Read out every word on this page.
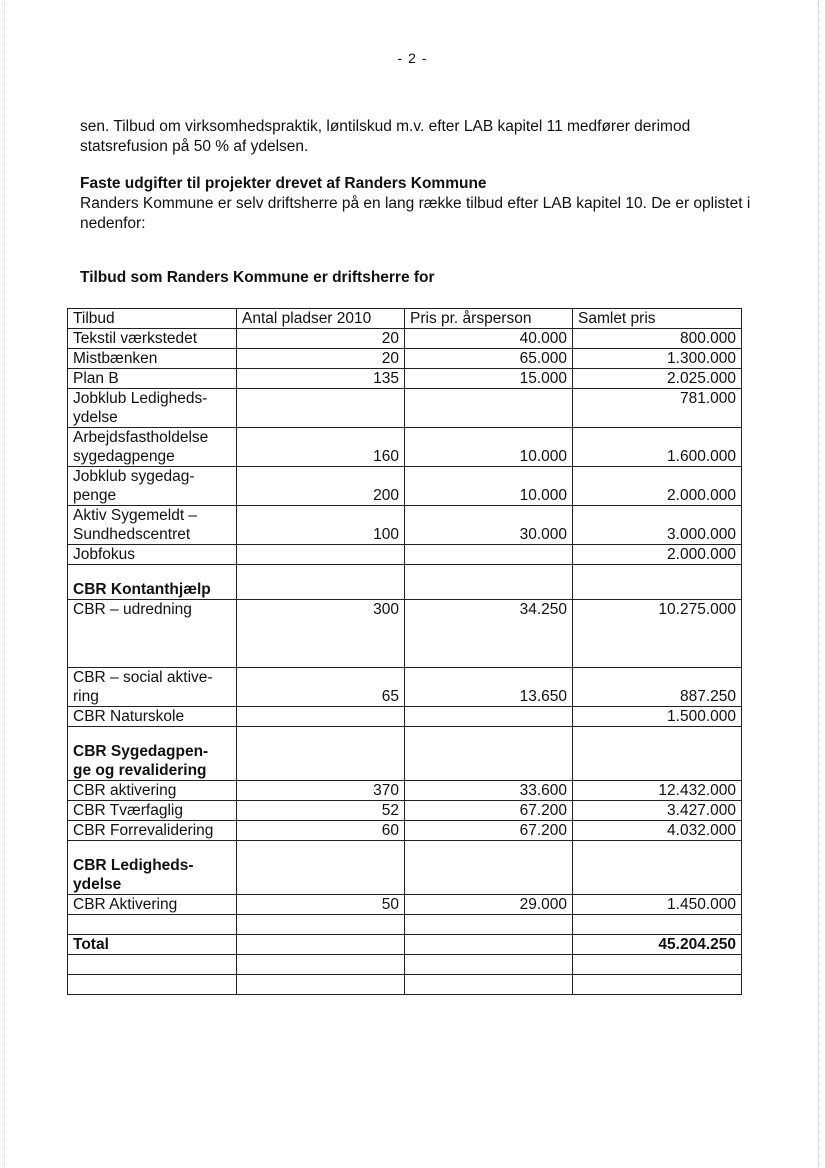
- 2 -
sen. Tilbud om virksomhedspraktik, løntilskud m.v. efter LAB kapitel 11 medfører derimod statsrefusion på 50 % af ydelsen.
Faste udgifter til projekter drevet af Randers Kommune
Randers Kommune er selv driftsherre på en lang række tilbud efter LAB kapitel 10. De er oplistet i nedenfor:
Tilbud som Randers Kommune er driftsherre for
Tilbud	Antal pladser 2010	Pris pr. årsperson	Samlet pris
Tekstil værkstedet	20	40.000	800.000
Mistbænken	20	65.000	1.300.000
Plan B	135	15.000	2.025.000
Jobklub Ledigheds-
ydelse			781.000
Arbejdsfastholdelse
sygedagpenge	160	10.000	1.600.000
Jobklub sygedag-
penge	200	10.000	2.000.000
Aktiv Sygemeldt –
Sundhedscentret	100	30.000	3.000.000
Jobfokus			2.000.000
CBR Kontanthjælp			
CBR – udredning	300	34.250	10.275.000
CBR – social aktive-
ring	65	13.650	887.250
CBR Naturskole			1.500.000
CBR Sygedagpen-
ge og revalidering			
CBR aktivering	370	33.600	12.432.000
CBR Tværfaglig	52	67.200	3.427.000
CBR Forrevalidering	60	67.200	4.032.000
CBR Ledigheds-
ydelse			
CBR Aktivering	50	29.000	1.450.000

Total			45.204.250
